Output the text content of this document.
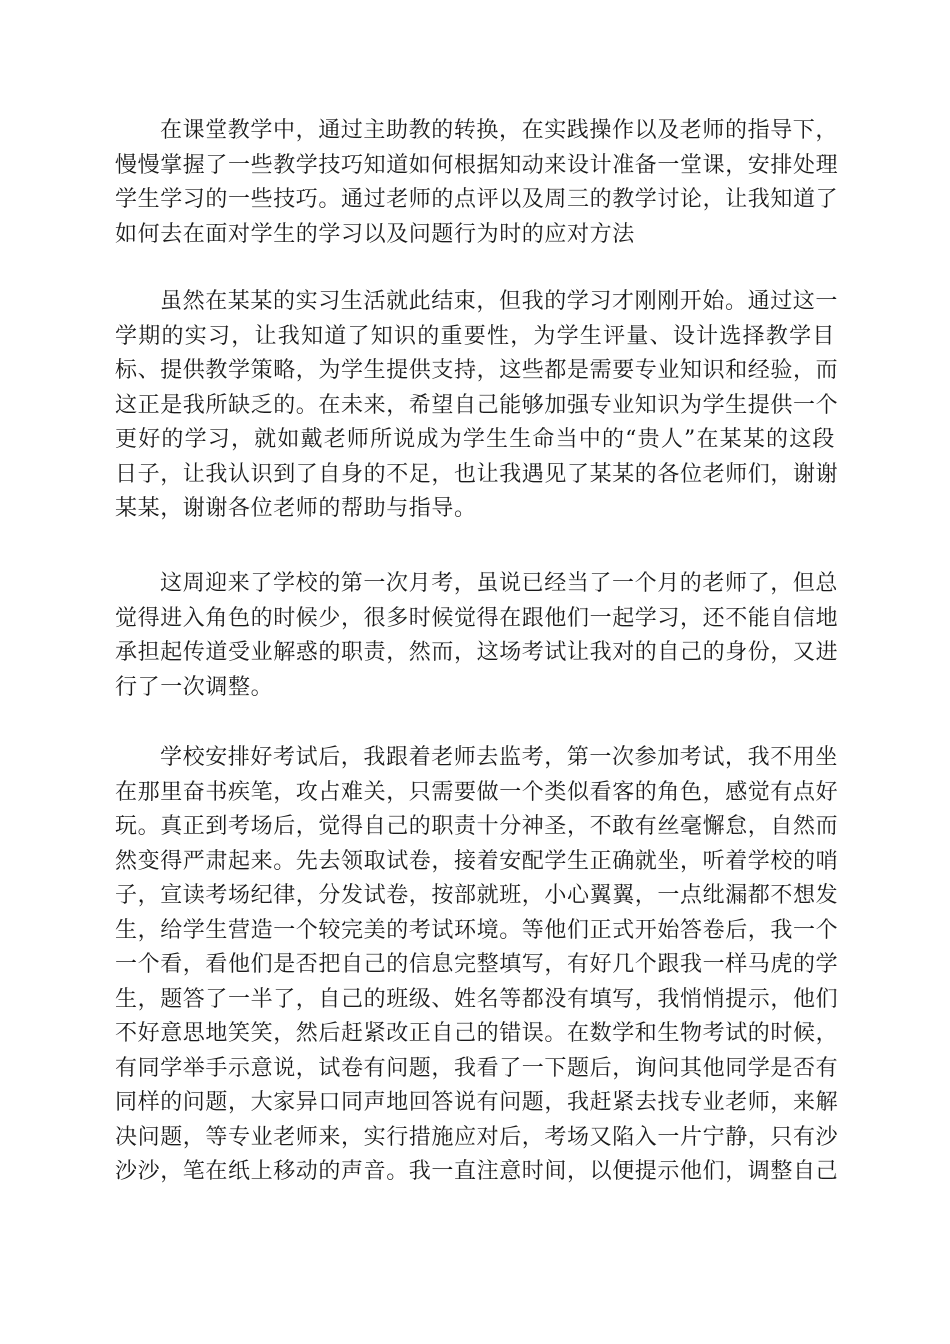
在课堂教学中，通过主助教的转换，在实践操作以及老师的指导下，
慢慢掌握了一些教学技巧知道如何根据知动来设计准备一堂课，安排处理
学生学习的一些技巧。通过老师的点评以及周三的教学讨论，让我知道了
如何去在面对学生的学习以及问题行为时的应对方法
虽然在某某的实习生活就此结束，但我的学习才刚刚开始。通过这一
学期的实习，让我知道了知识的重要性，为学生评量、设计选择教学目
标、提供教学策略，为学生提供支持，这些都是需要专业知识和经验，而
这正是我所缺乏的。在未来，希望自己能够加强专业知识为学生提供一个
更好的学习，就如戴老师所说成为学生生命当中的“贵人”在某某的这段
日子，让我认识到了自身的不足，也让我遇见了某某的各位老师们，谢谢
某某，谢谢各位老师的帮助与指导。
这周迎来了学校的第一次月考，虽说已经当了一个月的老师了，但总
觉得进入角色的时候少，很多时候觉得在跟他们一起学习，还不能自信地
承担起传道受业解惑的职责，然而，这场考试让我对的自己的身份，又进
行了一次调整。
学校安排好考试后，我跟着老师去监考，第一次参加考试，我不用坐
在那里奋书疾笔，攻占难关，只需要做一个类似看客的角色，感觉有点好
玩。真正到考场后，觉得自己的职责十分神圣，不敢有丝毫懈怠，自然而
然变得严肃起来。先去领取试卷，接着安配学生正确就坐，听着学校的哨
子，宣读考场纪律，分发试卷，按部就班，小心翼翼，一点纰漏都不想发
生，给学生营造一个较完美的考试环境。等他们正式开始答卷后，我一个
一个看，看他们是否把自己的信息完整填写，有好几个跟我一样马虎的学
生，题答了一半了，自己的班级、姓名等都没有填写，我悄悄提示，他们
不好意思地笑笑，然后赶紧改正自己的错误。在数学和生物考试的时候，
有同学举手示意说，试卷有问题，我看了一下题后，询问其他同学是否有
同样的问题，大家异口同声地回答说有问题，我赶紧去找专业老师，来解
决问题，等专业老师来，实行措施应对后，考场又陷入一片宁静，只有沙
沙沙，笔在纸上移动的声音。我一直注意时间，以便提示他们，调整自己
